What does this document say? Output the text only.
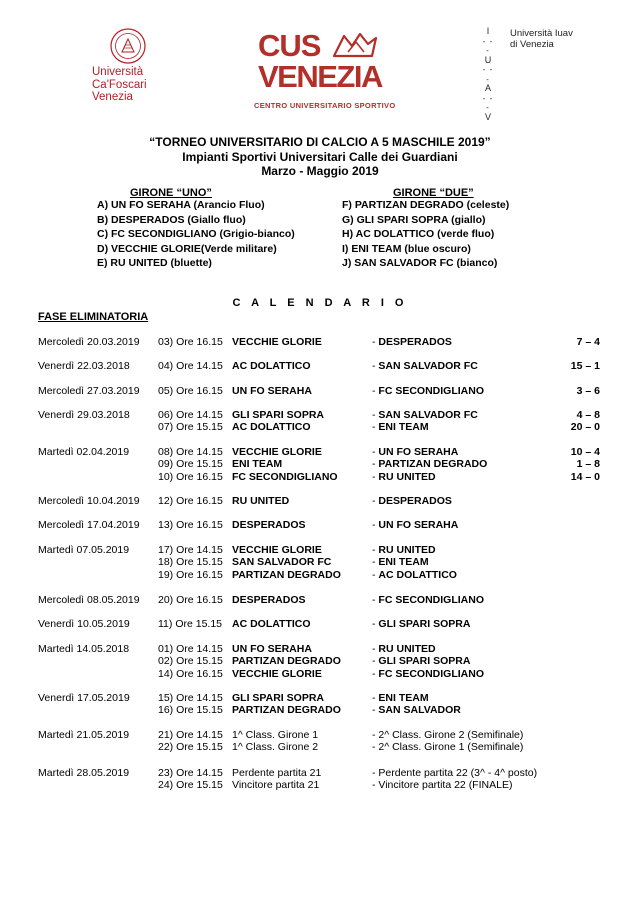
Università
Ca'Foscari
Venezia
CUS
VENEZIA
CENTRO UNIVERSITARIO SPORTIVO
I
- - -
U
- - -
A
- - -
V
Università Iuav
di Venezia
“TORNEO UNIVERSITARIO DI CALCIO A 5 MASCHILE 2019”
Impianti Sportivi Universitari Calle dei Guardiani
Marzo - Maggio 2019
GIRONE “UNO”
A) UN FO SERAHA (Arancio Fluo)
B) DESPERADOS (Giallo fluo)
C) FC SECONDIGLIANO (Grigio-bianco)
D) VECCHIE GLORIE(Verde militare)
E) RU UNITED (bluette)
GIRONE “DUE”
F) PARTIZAN DEGRADO (celeste)
G) GLI SPARI SOPRA (giallo)
H) AC DOLATTICO (verde fluo)
I) ENI TEAM (blue oscuro)
J) SAN SALVADOR FC (bianco)
C A L E N D A R I O
FASE ELIMINATORIA
Mercoledì 20.03.2019 03) Ore 16.15 VECCHIE GLORIE	- DESPERADOS	7 – 4
Venerdì 22.03.2018	04) Ore 14.15 AC DOLATTICO	- SAN SALVADOR FC	15 – 1
Mercoledì 27.03.2019 05) Ore 16.15 UN FO SERAHA	- FC SECONDIGLIANO	3 – 6
Venerdì 29.03.2018	06) Ore 14.15 GLI SPARI SOPRA	- SAN SALVADOR FC	4 – 8
07) Ore 15.15 AC DOLATTICO	- ENI TEAM	20 – 0
Martedì 02.04.2019	08) Ore 14.15 VECCHIE GLORIE	- UN FO SERAHA	10 – 4
09) Ore 15.15 ENI TEAM	- PARTIZAN DEGRADO	1 – 8
10) Ore 16.15 FC SECONDIGLIANO	- RU UNITED	14 – 0
Mercoledì 10.04.2019 12) Ore 16.15 RU UNITED	- DESPERADOS
Mercoledì 17.04.2019 13) Ore 16.15 DESPERADOS	- UN FO SERAHA
Martedì 07.05.2019	17) Ore 14.15 VECCHIE GLORIE	- RU UNITED
18) Ore 15.15 SAN SALVADOR FC	- ENI TEAM
19) Ore 16.15 PARTIZAN DEGRADO	- AC DOLATTICO
Mercoledì 08.05.2019 20) Ore 16.15 DESPERADOS	- FC SECONDIGLIANO
Venerdì 10.05.2019	11) Ore 15.15 AC DOLATTICO	- GLI SPARI SOPRA
Martedì 14.05.2018	01) Ore 14.15 UN FO SERAHA	- RU UNITED
02) Ore 15.15 PARTIZAN DEGRADO	- GLI SPARI SOPRA
14) Ore 16.15 VECCHIE GLORIE	- FC SECONDIGLIANO
Venerdì 17.05.2019	15) Ore 14.15 GLI SPARI SOPRA	- ENI TEAM
16) Ore 15.15 PARTIZAN DEGRADO	- SAN SALVADOR
Martedì 21.05.2019	21) Ore 14.15 1^ Class. Girone 1	- 2^ Class. Girone 2 (Semifinale)
22) Ore 15.15 1^ Class. Girone 2	- 2^ Class. Girone 1 (Semifinale)
Martedì 28.05.2019	23) Ore 14.15 Perdente partita 21	- Perdente partita 22 (3^ - 4^ posto)
24) Ore 15.15 Vincitore partita 21	- Vincitore partita 22 (FINALE)
